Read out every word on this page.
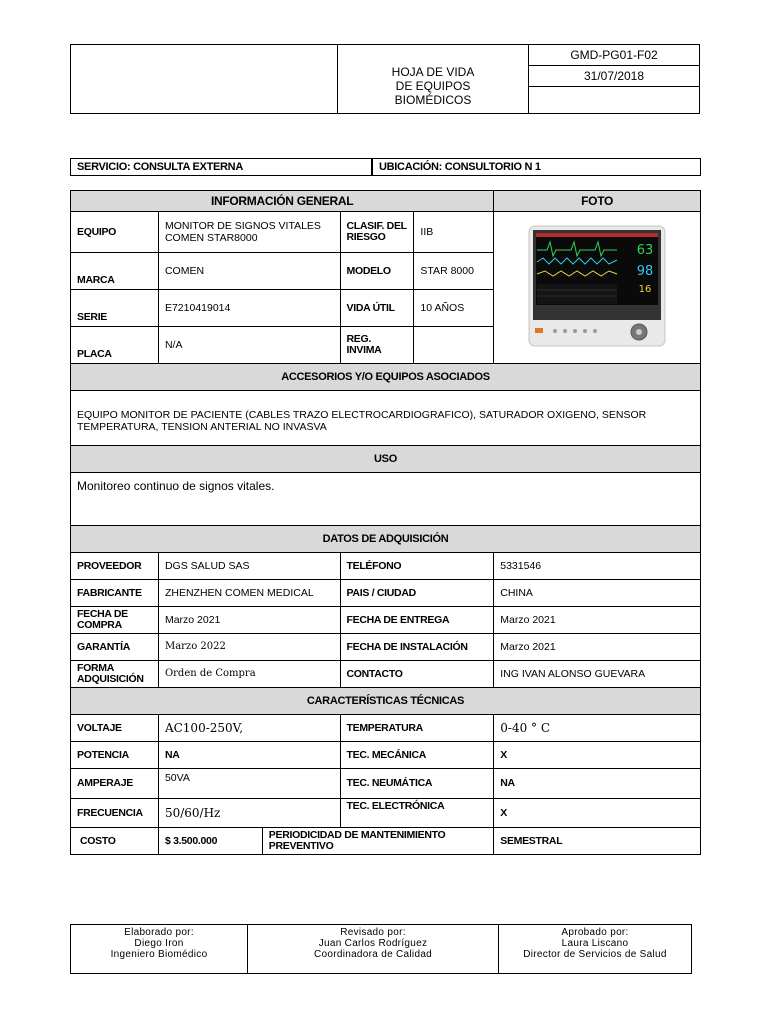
HOJA DE VIDA
DE EQUIPOS
BIOMÉDICOS
	GMD-PG01-F02
31/07/2018

SERVICIO: CONSULTA EXTERNA	UBICACIÓN: CONSULTORIO N 1
INFORMACIÓN GENERAL					FOTO
EQUIPO	MONITOR DE SIGNOS VITALES COMEN STAR8000		CLASIF. DEL RIESGO	IIB	63
98
16

MARCA	COMEN		MODELO	STAR 8000	
SERIE	E7210419014		VIDA ÚTIL	10 AÑOS	
PLACA	N/A		REG. INVIMA		
ACCESORIOS Y/O EQUIPOS ASOCIADOS					
EQUIPO MONITOR DE PACIENTE (CABLES TRAZO ELECTROCARDIOGRAFICO), SATURADOR OXIGENO, SENSOR TEMPERATURA, TENSION ANTERIAL NO INVASVA					
USO					
Monitoreo continuo de signos vitales.					
DATOS DE ADQUISICIÓN					
PROVEEDOR	DGS SALUD SAS		TELÉFONO		5331546
FABRICANTE	ZHENZHEN COMEN MEDICAL		PAIS / CIUDAD		CHINA
FECHA DE COMPRA	Marzo 2021		FECHA DE ENTREGA		Marzo 2021
GARANTÍA	Marzo 2022		FECHA DE INSTALACIÓN		Marzo 2021
FORMA ADQUISICIÓN	Orden de Compra		CONTACTO		ING IVAN ALONSO GUEVARA
CARACTERÍSTICAS TÉCNICAS					
VOLTAJE	AC100-250V,		TEMPERATURA		0-40 ° C
POTENCIA	NA		TEC. MECÁNICA		X
AMPERAJE	50VA		TEC. NEUMÁTICA		NA
FRECUENCIA	50/60/Hz		TEC. ELECTRÓNICA		X
COSTO	$ 3.500.000	PERIODICIDAD DE MANTENIMIENTO PREVENTIVO			SEMESTRAL
Elaborado por:
Diego Iron
Ingeniero Biomédico

Revisado por:
Juan Carlos Rodríguez
Coordinadora de Calidad

Aprobado por:
Laura Liscano
Director de Servicios de Salud
